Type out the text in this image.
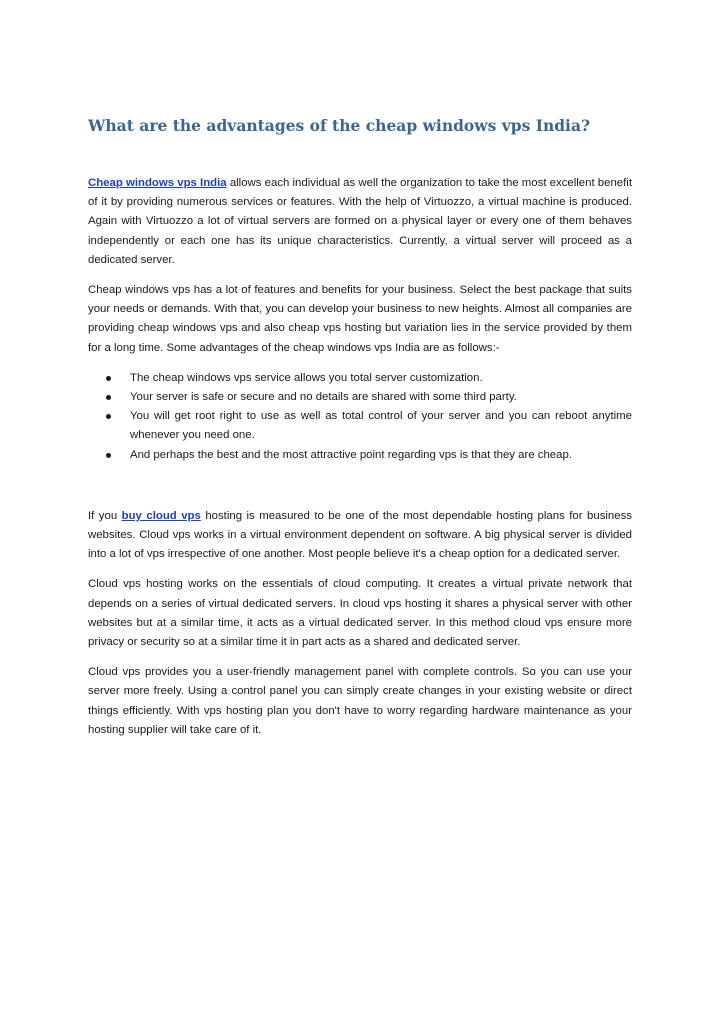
What are the advantages of the cheap windows vps India?

Cheap windows vps India allows each individual as well the organization to take the most excellent benefit of it by providing numerous services or features. With the help of Virtuozzo, a virtual machine is produced. Again with Virtuozzo a lot of virtual servers are formed on a physical layer or every one of them behaves independently or each one has its unique characteristics. Currently, a virtual server will proceed as a dedicated server.

Cheap windows vps has a lot of features and benefits for your business. Select the best package that suits your needs or demands. With that, you can develop your business to new heights. Almost all companies are providing cheap windows vps and also cheap vps hosting but variation lies in the service provided by them for a long time. Some advantages of the cheap windows vps India are as follows:-

The cheap windows vps service allows you total server customization.
Your server is safe or secure and no details are shared with some third party.
You will get root right to use as well as total control of your server and you can reboot anytime whenever you need one.
And perhaps the best and the most attractive point regarding vps is that they are cheap.

If you buy cloud vps hosting is measured to be one of the most dependable hosting plans for business websites. Cloud vps works in a virtual environment dependent on software. A big physical server is divided into a lot of vps irrespective of one another. Most people believe it's a cheap option for a dedicated server.

Cloud vps hosting works on the essentials of cloud computing. It creates a virtual private network that depends on a series of virtual dedicated servers. In cloud vps hosting it shares a physical server with other websites but at a similar time, it acts as a virtual dedicated server. In this method cloud vps ensure more privacy or security so at a similar time it in part acts as a shared and dedicated server.

Cloud vps provides you a user-friendly management panel with complete controls. So you can use your server more freely. Using a control panel you can simply create changes in your existing website or direct things efficiently. With vps hosting plan you don't have to worry regarding hardware maintenance as your hosting supplier will take care of it.
